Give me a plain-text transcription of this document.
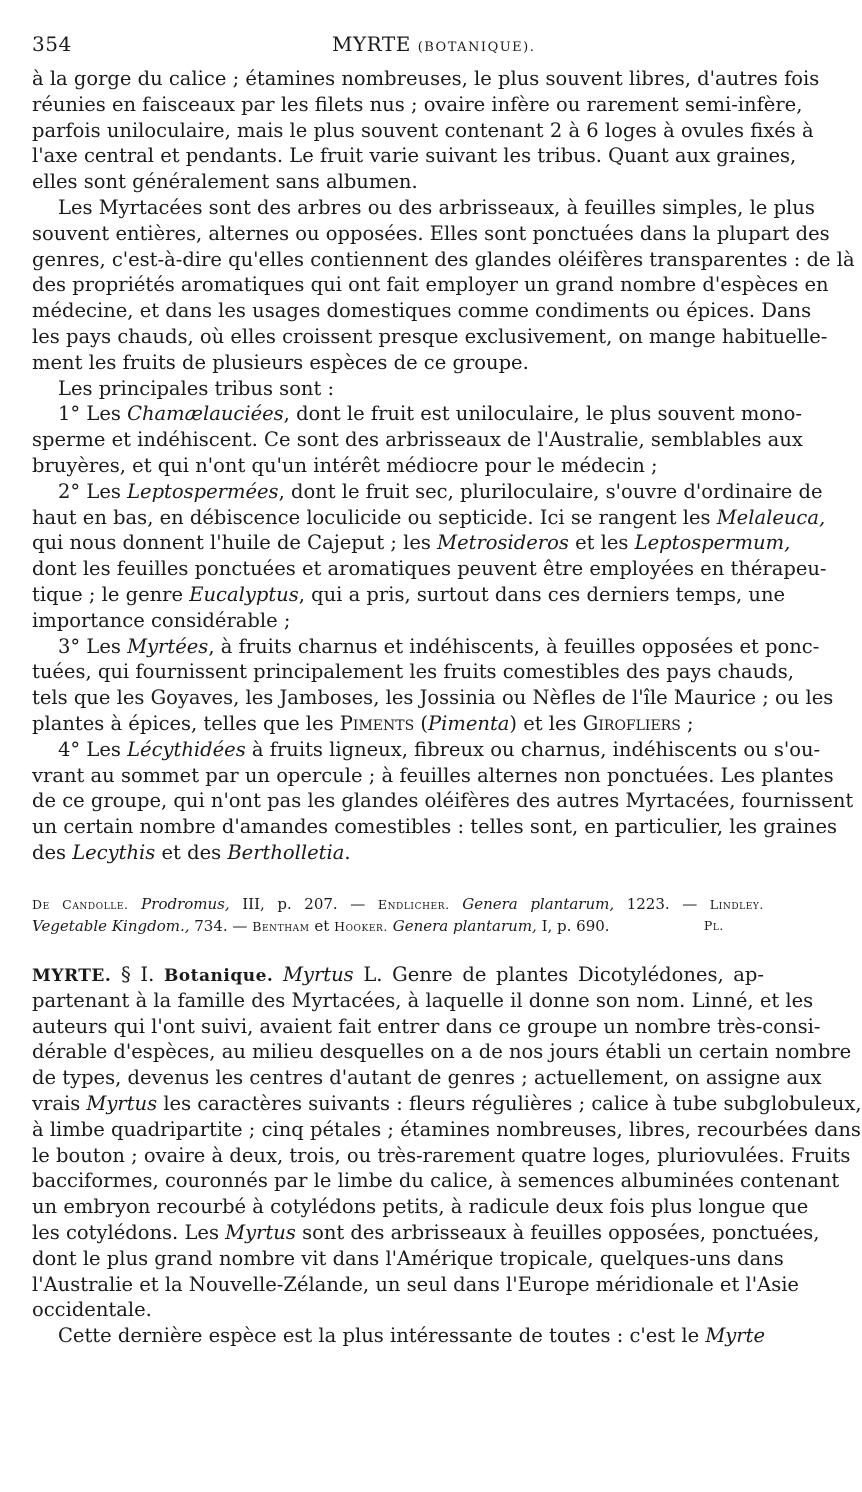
354	MYRTE (BOTANIQUE).
à la gorge du calice ; étamines nombreuses, le plus souvent libres, d'autres fois
réunies en faisceaux par les filets nus ; ovaire infère ou rarement semi-infère,
parfois uniloculaire, mais le plus souvent contenant 2 à 6 loges à ovules fixés à
l'axe central et pendants. Le fruit varie suivant les tribus. Quant aux graines,
elles sont généralement sans albumen.
Les Myrtacées sont des arbres ou des arbrisseaux, à feuilles simples, le plus
souvent entières, alternes ou opposées. Elles sont ponctuées dans la plupart des
genres, c'est-à-dire qu'elles contiennent des glandes oléifères transparentes : de là
des propriétés aromatiques qui ont fait employer un grand nombre d'espèces en
médecine, et dans les usages domestiques comme condiments ou épices. Dans
les pays chauds, où elles croissent presque exclusivement, on mange habituelle-
ment les fruits de plusieurs espèces de ce groupe.
Les principales tribus sont :
1° Les Chamælauciées, dont le fruit est uniloculaire, le plus souvent mono-
sperme et indéhiscent. Ce sont des arbrisseaux de l'Australie, semblables aux
bruyères, et qui n'ont qu'un intérêt médiocre pour le médecin ;
2° Les Leptospermées, dont le fruit sec, pluriloculaire, s'ouvre d'ordinaire de
haut en bas, en débiscence loculicide ou septicide. Ici se rangent les Melaleuca,
qui nous donnent l'huile de Cajeput ; les Metrosideros et les Leptospermum,
dont les feuilles ponctuées et aromatiques peuvent être employées en thérapeu-
tique ; le genre Eucalyptus, qui a pris, surtout dans ces derniers temps, une
importance considérable ;
3° Les Myrtées, à fruits charnus et indéhiscents, à feuilles opposées et ponc-
tuées, qui fournissent principalement les fruits comestibles des pays chauds,
tels que les Goyaves, les Jamboses, les Jossinia ou Nèfles de l'île Maurice ; ou les
plantes à épices, telles que les Piments (Pimenta) et les Girofliers ;
4° Les Lécythidées à fruits ligneux, fibreux ou charnus, indéhiscents ou s'ou-
vrant au sommet par un opercule ; à feuilles alternes non ponctuées. Les plantes
de ce groupe, qui n'ont pas les glandes oléifères des autres Myrtacées, fournissent
un certain nombre d'amandes comestibles : telles sont, en particulier, les graines
des Lecythis et des Bertholletia.
De Candolle. Prodromus, III, p. 207. — Endlicher. Genera plantarum, 1223. — Lindley.
Vegetable Kingdom., 734. — Bentham et Hooker. Genera plantarum, I, p. 690.	Pl.
MYRTE. § I. Botanique. Myrtus L. Genre de plantes Dicotylédones, ap-
partenant à la famille des Myrtacées, à laquelle il donne son nom. Linné, et les
auteurs qui l'ont suivi, avaient fait entrer dans ce groupe un nombre très-consi-
dérable d'espèces, au milieu desquelles on a de nos jours établi un certain nombre
de types, devenus les centres d'autant de genres ; actuellement, on assigne aux
vrais Myrtus les caractères suivants : fleurs régulières ; calice à tube subglobuleux,
à limbe quadripartite ; cinq pétales ; étamines nombreuses, libres, recourbées dans
le bouton ; ovaire à deux, trois, ou très-rarement quatre loges, pluriovulées. Fruits
bacciformes, couronnés par le limbe du calice, à semences albuminées contenant
un embryon recourbé à cotylédons petits, à radicule deux fois plus longue que
les cotylédons. Les Myrtus sont des arbrisseaux à feuilles opposées, ponctuées,
dont le plus grand nombre vit dans l'Amérique tropicale, quelques-uns dans
l'Australie et la Nouvelle-Zélande, un seul dans l'Europe méridionale et l'Asie
occidentale.
Cette dernière espèce est la plus intéressante de toutes : c'est le Myrte
